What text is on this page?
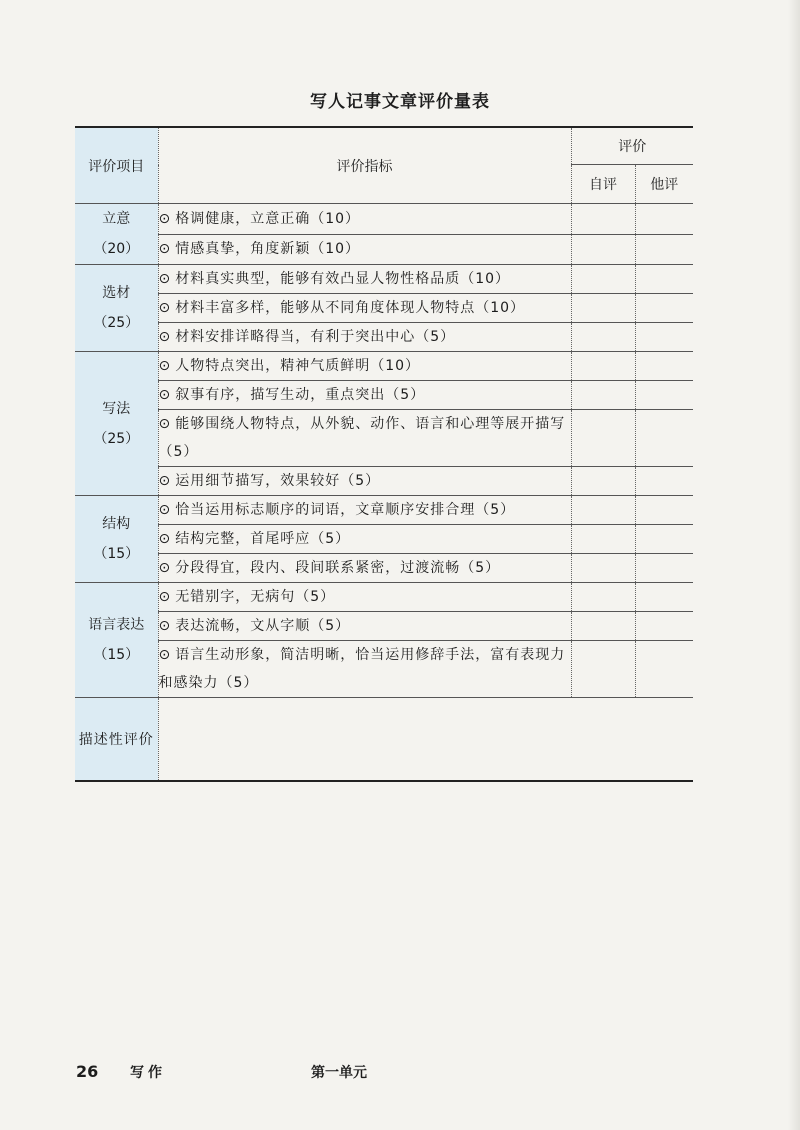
写人记事文章评价量表
评价项目	评价指标	评价	
		自评	他评

立意
（20）	⊙ 格调健康，立意正确（10）		
	⊙ 情感真挚，角度新颖（10）		

选材
（25）	⊙ 材料真实典型，能够有效凸显人物性格品质（10）		
	⊙ 材料丰富多样，能够从不同角度体现人物特点（10）		
	⊙ 材料安排详略得当，有利于突出中心（5）		

写法
（25）	⊙ 人物特点突出，精神气质鲜明（10）		
	⊙ 叙事有序，描写生动，重点突出（5）		
	⊙ 能够围绕人物特点，从外貌、动作、语言和心理等展开描写（5）		
	⊙ 运用细节描写，效果较好（5）		

结构
（15）	⊙ 恰当运用标志顺序的词语，文章顺序安排合理（5）		
	⊙ 结构完整，首尾呼应（5）		
	⊙ 分段得宜，段内、段间联系紧密，过渡流畅（5）		

语言表达
（15）	⊙ 无错别字，无病句（5）		
	⊙ 表达流畅，文从字顺（5）		
	⊙ 语言生动形象，简洁明晰，恰当运用修辞手法，富有表现力和感染力（5）		
描述性评价			
26 写作	第一单元
